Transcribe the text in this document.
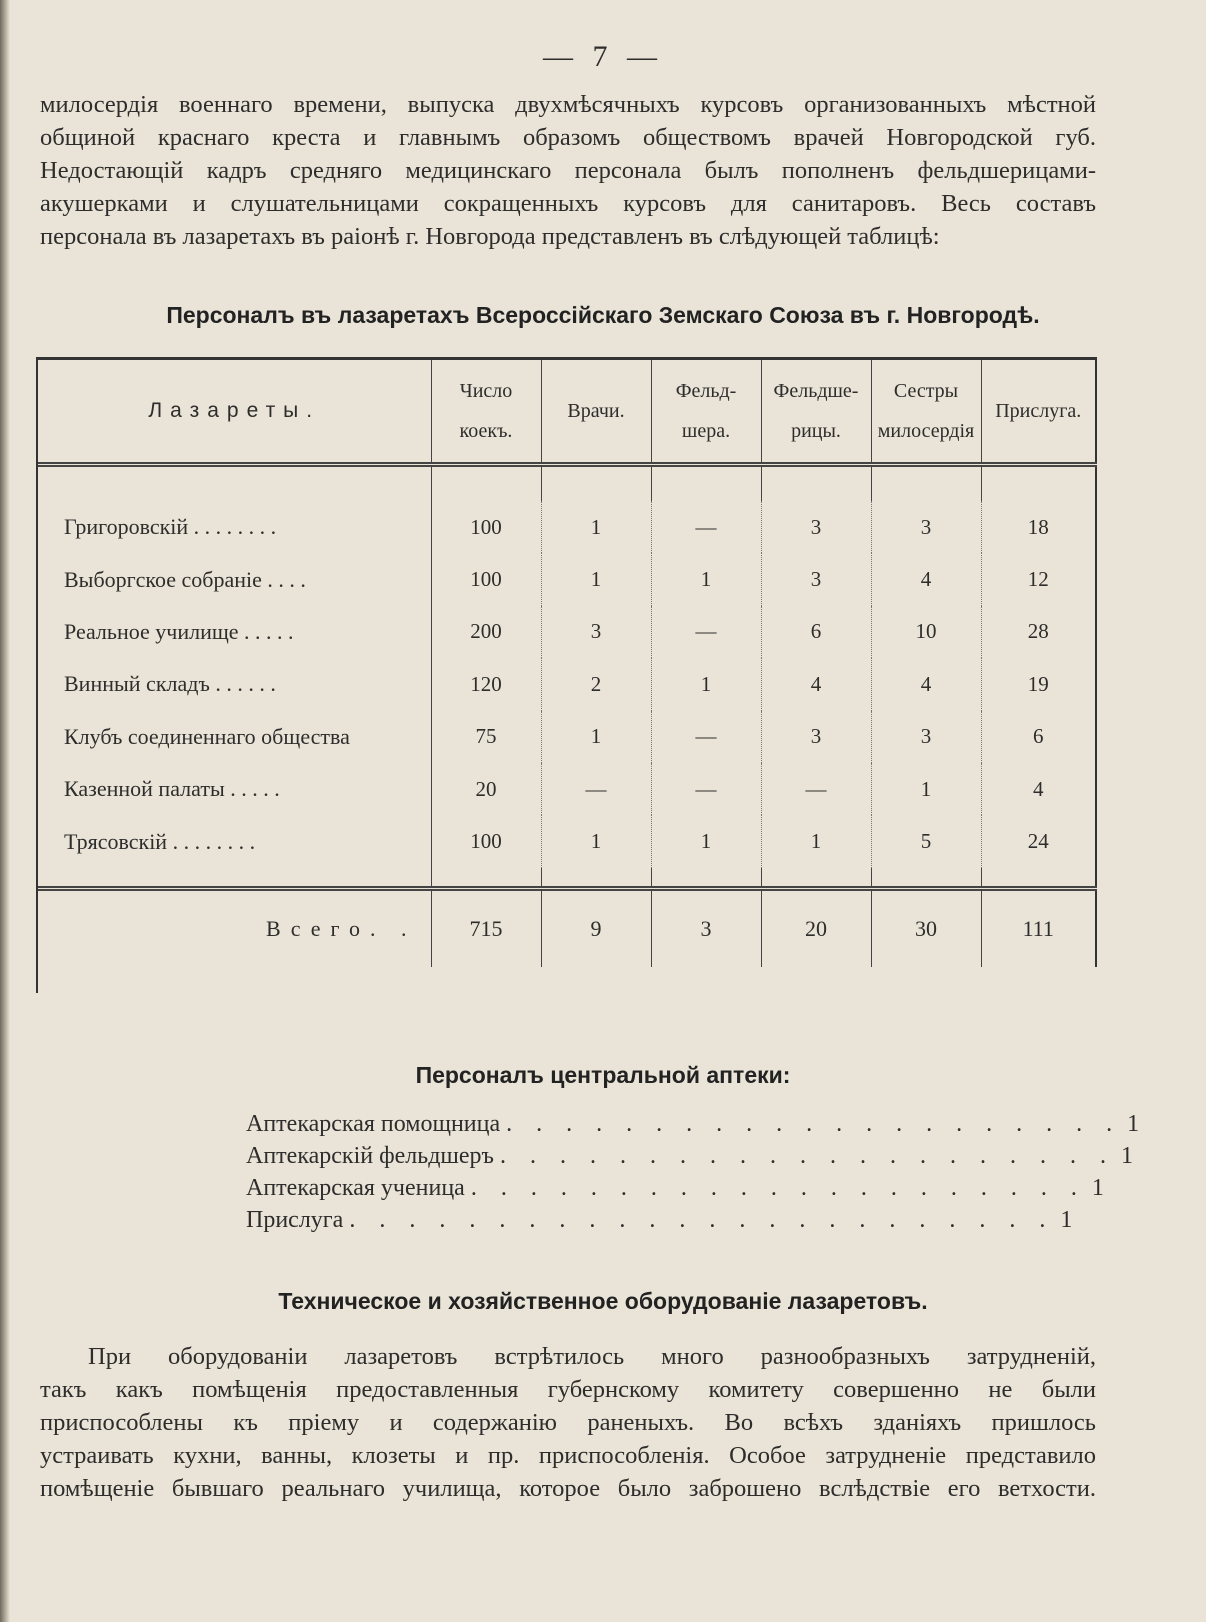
— 7 —
милосердія военнаго времени, выпуска двухмѣсячныхъ курсовъ организованныхъ мѣстной
общиной краснаго креста и главнымъ образомъ обществомъ врачей Новгородской губ.
Недостающій кадръ средняго медицинскаго персонала былъ пополненъ фельдшерицами-
акушерками и слушательницами сокращенныхъ курсовъ для санитаровъ. Весь составъ
персонала въ лазаретахъ въ раіонѣ г. Новгорода представленъ въ слѣдующей таблицѣ:
Персоналъ въ лазаретахъ Всероссійскаго Земскаго Союза въ г. Новгородѣ.
Лазареты.	Число коекъ.	Врачи.	Фельд- шера.	Фельдше- рицы.	Сестры милосердія	Прислуга.

Григоровскій . . . . . . . .	100	1	—	3	3	18
Выборгское собраніе . . . .	100	1	1	3	4	12
Реальное училище . . . . .	200	3	—	6	10	28
Винный складъ . . . . . .	120	2	1	4	4	19
Клубъ соединеннаго общества	75	1	—	3	3	6
Казенной палаты . . . . .	20	—	—	—	1	4
Трясовскій . . . . . . . .	100	1	1	1	5	24

Всего. .	715	9	3	20	30	111
Персоналъ центральной аптеки:
Аптекарская помощница . . . . . . . . . . . . . . . . . . . . . 1
Аптекарскій фельдшеръ . . . . . . . . . . . . . . . . . . . . . 1
Аптекарская ученица . . . . . . . . . . . . . . . . . . . . . 1
Прислуга . . . . . . . . . . . . . . . . . . . . . . . . 1
Техническое и хозяйственное оборудованіе лазаретовъ.
При оборудованіи лазаретовъ встрѣтилось много разнообразныхъ затрудненій,
такъ какъ помѣщенія предоставленныя губернскому комитету совершенно не были
приспособлены къ пріему и содержанію раненыхъ. Во всѣхъ зданіяхъ пришлось
устраивать кухни, ванны, клозеты и пр. приспособленія. Особое затрудненіе представило
помѣщеніе бывшаго реальнаго училища, которое было заброшено вслѣдствіе его ветхости.
